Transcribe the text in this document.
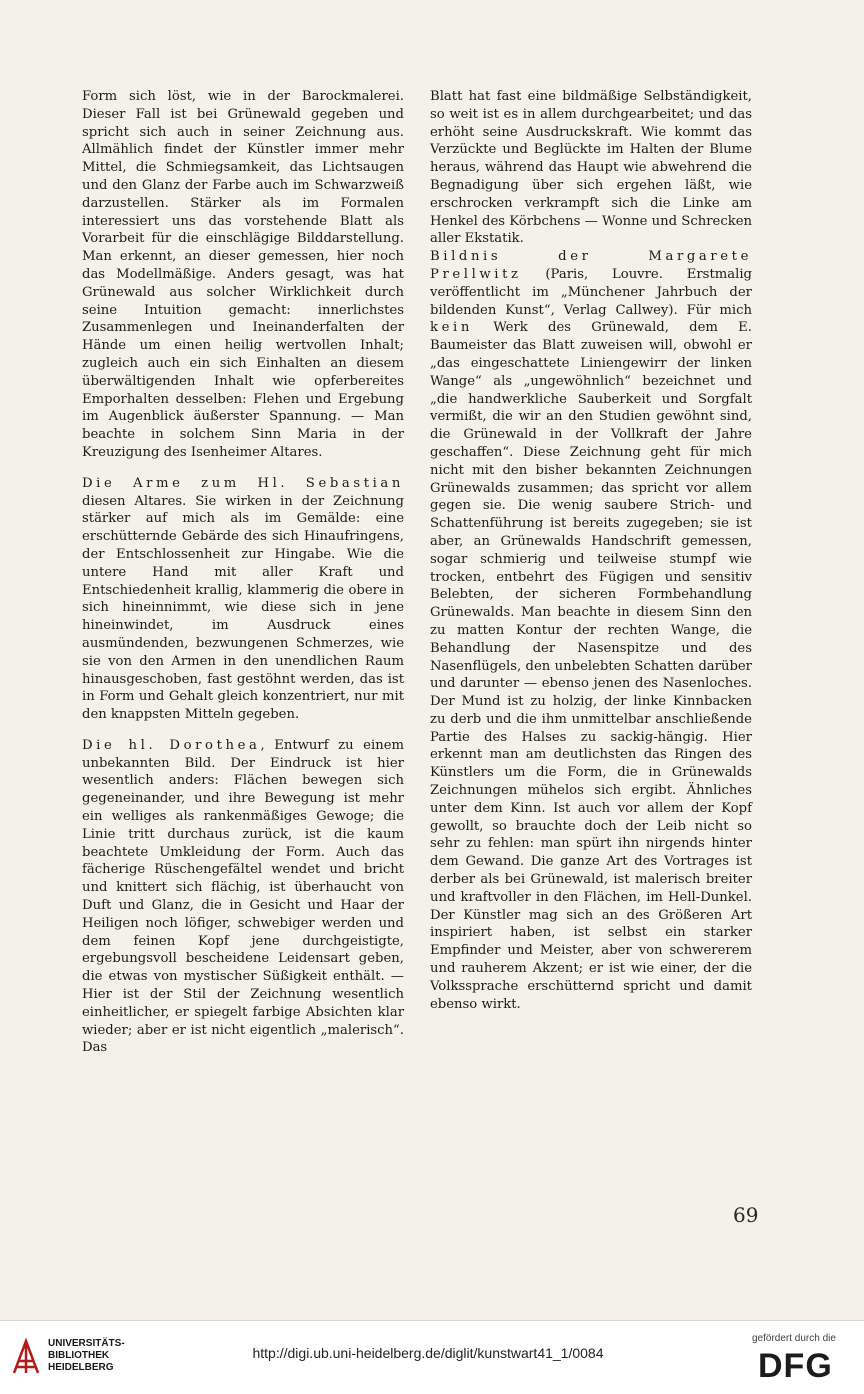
Form sich löst, wie in der Barockmalerei. Dieser Fall ist bei Grünewald gegeben und spricht sich auch in seiner Zeichnung aus. Allmählich findet der Künstler immer mehr Mittel, die Schmiegsamkeit, das Lichtsaugen und den Glanz der Farbe auch im Schwarzweiß darzustellen. Stärker als im Formalen interessiert uns das vorstehende Blatt als Vorarbeit für die einschlägige Bilddarstellung. Man erkennt, an dieser gemessen, hier noch das Modellmäßige. Anders gesagt, was hat Grünewald aus solcher Wirklichkeit durch seine Intuition gemacht: innerlichstes Zusammenlegen und Ineinanderfalten der Hände um einen heilig wertvollen Inhalt; zugleich auch ein sich Einhalten an diesem überwältigenden Inhalt wie opferbereites Emporhalten desselben: Flehen und Ergebung im Augenblick äußerster Spannung. — Man beachte in solchem Sinn Maria in der Kreuzigung des Isenheimer Altares.

Die Arme zum Hl. Sebastian diesen Altares. Sie wirken in der Zeichnung stärker auf mich als im Gemälde: eine erschütternde Gebärde des sich Hinaufringens, der Entschlossenheit zur Hingabe. Wie die untere Hand mit aller Kraft und Entschiedenheit krallig, klammerig die obere in sich hineinnimmt, wie diese sich in jene hineinwindet, im Ausdruck eines ausmündenden, bezwungenen Schmerzes, wie sie von den Armen in den unendlichen Raum hinausgeschoben, fast gestöhnt werden, das ist in Form und Gehalt gleich konzentriert, nur mit den knappsten Mitteln gegeben.

Die hl. Dorothea, Entwurf zu einem unbekannten Bild. Der Eindruck ist hier wesentlich anders: Flächen bewegen sich gegeneinander, und ihre Bewegung ist mehr ein welliges als rankenmäßiges Gewoge; die Linie tritt durchaus zurück, ist die kaum beachtete Umkleidung der Form. Auch das fächerige Rüschengefältel wendet und bricht und knittert sich flächig, ist überhaucht von Duft und Glanz, die in Gesicht und Haar der Heiligen noch löfiger, schwebiger werden und dem feinen Kopf jene durchgeistigte, ergebungsvoll bescheidene Leidensart geben, die etwas von mystischer Süßigkeit enthält. — Hier ist der Stil der Zeichnung wesentlich einheitlicher, er spiegelt farbige Absichten klar wieder; aber er ist nicht eigentlich „malerisch“. Das

Blatt hat fast eine bildmäßige Selbständigkeit, so weit ist es in allem durchgearbeitet; und das erhöht seine Ausdruckskraft. Wie kommt das Verzückte und Beglückte im Halten der Blume heraus, während das Haupt wie abwehrend die Begnadigung über sich ergehen läßt, wie erschrocken verkrampft sich die Linke am Henkel des Körbchens — Wonne und Schrecken aller Ekstatik.

Bildnis der Margarete Prellwitz (Paris, Louvre. Erstmalig veröffentlicht im „Münchener Jahrbuch der bildenden Kunst“, Verlag Callwey). Für mich kein Werk des Grünewald, dem E. Baumeister das Blatt zuweisen will, obwohl er „das eingeschattete Liniengewirr der linken Wange“ als „ungewöhnlich“ bezeichnet und „die handwerkliche Sauberkeit und Sorgfalt vermißt, die wir an den Studien gewöhnt sind, die Grünewald in der Vollkraft der Jahre geschaffen“. Diese Zeichnung geht für mich nicht mit den bisher bekannten Zeichnungen Grünewalds zusammen; das spricht vor allem gegen sie. Die wenig saubere Strich- und Schattenführung ist bereits zugegeben; sie ist aber, an Grünewalds Handschrift gemessen, sogar schmierig und teilweise stumpf wie trocken, entbehrt des Fügigen und sensitiv Belebten, der sicheren Formbehandlung Grünewalds. Man beachte in diesem Sinn den zu matten Kontur der rechten Wange, die Behandlung der Nasenspitze und des Nasenflügels, den unbelebten Schatten darüber und darunter — ebenso jenen des Nasenloches. Der Mund ist zu holzig, der linke Kinnbacken zu derb und die ihm unmittelbar anschließende Partie des Halses zu sackig-hängig. Hier erkennt man am deutlichsten das Ringen des Künstlers um die Form, die in Grünewalds Zeichnungen mühelos sich ergibt. Ähnliches unter dem Kinn. Ist auch vor allem der Kopf gewollt, so brauchte doch der Leib nicht so sehr zu fehlen: man spürt ihn nirgends hinter dem Gewand. Die ganze Art des Vortrages ist derber als bei Grünewald, ist malerisch breiter und kraftvoller in den Flächen, im Hell-Dunkel. Der Künstler mag sich an des Größeren Art inspiriert haben, ist selbst ein starker Empfinder und Meister, aber von schwererem und rauherem Akzent; er ist wie einer, der die Volkssprache erschütternd spricht und damit ebenso wirkt.

69
UNIVERSITÄTS-
BIBLIOTHEK
HEIDELBERG
http://digi.ub.uni-heidelberg.de/diglit/kunstwart41_1/0084
gefördert durch die
DFG
